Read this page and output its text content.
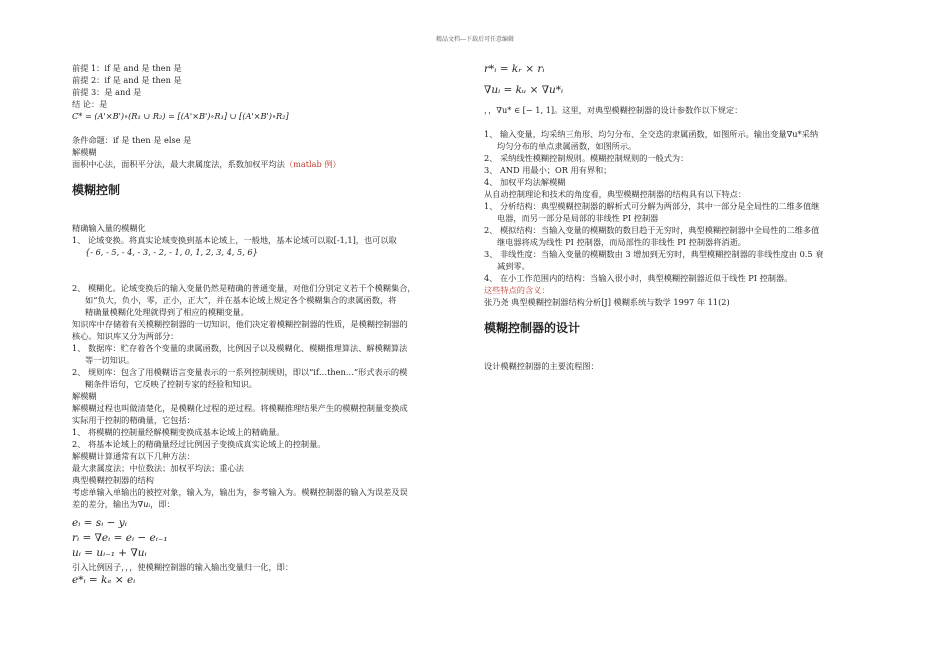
精品文档---下载后可任意编辑
前提 1：if 是 and 是 then 是
前提 2：if 是 and 是 then 是
前提 3：是 and 是
结 论：是
C* = (A'×B')∘(R₁ ∪ R₂) = [(A'×B')∘R₁] ∪ [(A'×B')∘R₂]
条件命题：if 是 then 是 else 是
解模糊
面积中心法，面积平分法，最大隶属度法，系数加权平均法（matlab 例）
模糊控制
精确输入量的模糊化
1、 论域变换。将真实论域变换到基本论域上，一般地，基本论域可以取[-1,1]，也可以取
{- 6, - 5, - 4, - 3, - 2, - 1, 0, 1, 2, 3, 4, 5, 6}
2、 模糊化。论域变换后的输入变量仍然是精确的普通变量，对他们分别定义若干个模糊集合，
如“负大，负小，零，正小，正大”，并在基本论域上规定各个模糊集合的隶属函数，将
精确量模糊化处理就得到了相应的模糊变量。
知识库中存储着有关模糊控制器的一切知识，他们决定着模糊控制器的性质，是模糊控制器的
核心。知识库又分为两部分：
1、 数据库：贮存着各个变量的隶属函数，比例因子以及模糊化、模糊推理算法、解模糊算法
等一切知识。
2、 规则库：包含了用模糊语言变量表示的一系列控制规则，即以“if…then…”形式表示的模
糊条件语句，它反映了控制专家的经验和知识。
解模糊
解模糊过程也叫做清楚化，是模糊化过程的逆过程。将模糊推理结果产生的模糊控制量变换成
实际用于控制的精确量，它包括：
1、 将模糊的控制量经解模糊变换成基本论域上的精确量。
2、 将基本论域上的精确量经过比例因子变换成真实论域上的控制量。
解模糊计算通常有以下几种方法：
最大隶属度法；中位数法；加权平均法；重心法
典型模糊控制器的结构
考虑单输入单输出的被控对象，输入为，输出为，参考输入为。模糊控制器的输入为误差及误
差的差分，输出为∇uᵢ，即：
eᵢ = sᵢ − yᵢ
rᵢ = ∇eᵢ = eᵢ − eᵢ₋₁
uᵢ = uᵢ₋₁ + ∇uᵢ
引入比例因子，，，使模糊控制器的输入输出变量归一化，即：
e*ᵢ = kₑ × eᵢ
r*ᵢ = kᵣ × rᵢ
∇uᵢ = kᵤ × ∇u*ᵢ
，，∇u* ∈ [− 1, 1]。这里，对典型模糊控制器的设计参数作以下规定：
1、 输入变量，均采纳三角形、均匀分布、全交迭的隶属函数，如图所示。输出变量∇u*采纳
均匀分布的单点隶属函数，如图所示。
2、 采纳线性模糊控制规则。模糊控制规则的一般式为：
3、 AND 用最小；OR 用有界和；
4、 加权平均法解模糊
从自动控制理论和技术的角度看，典型模糊控制器的结构具有以下特点：
1、 分析结构：典型模糊控制器的解析式可分解为两部分，其中一部分是全局性的二维多值继
电器，而另一部分是局部的非线性 PI 控制器
2、 模拟结构：当输入变量的模糊数的数目趋于无穷时，典型模糊控制器中全局性的二维多值
继电器将成为线性 PI 控制器，而局部性的非线性 PI 控制器将消逝。
3、 非线性度：当输入变量的模糊数由 3 增加到无穷时，典型模糊控制器的非线性度由 0.5 衰
减到零。
4、 在小工作范围内的结构：当输入很小时，典型模糊控制器近似于线性 PI 控制器。
这些特点的含义：
张乃尧 典型模糊控制器结构分析[J] 模糊系统与数学 1997 年 11(2)
模糊控制器的设计
设计模糊控制器的主要流程图：
